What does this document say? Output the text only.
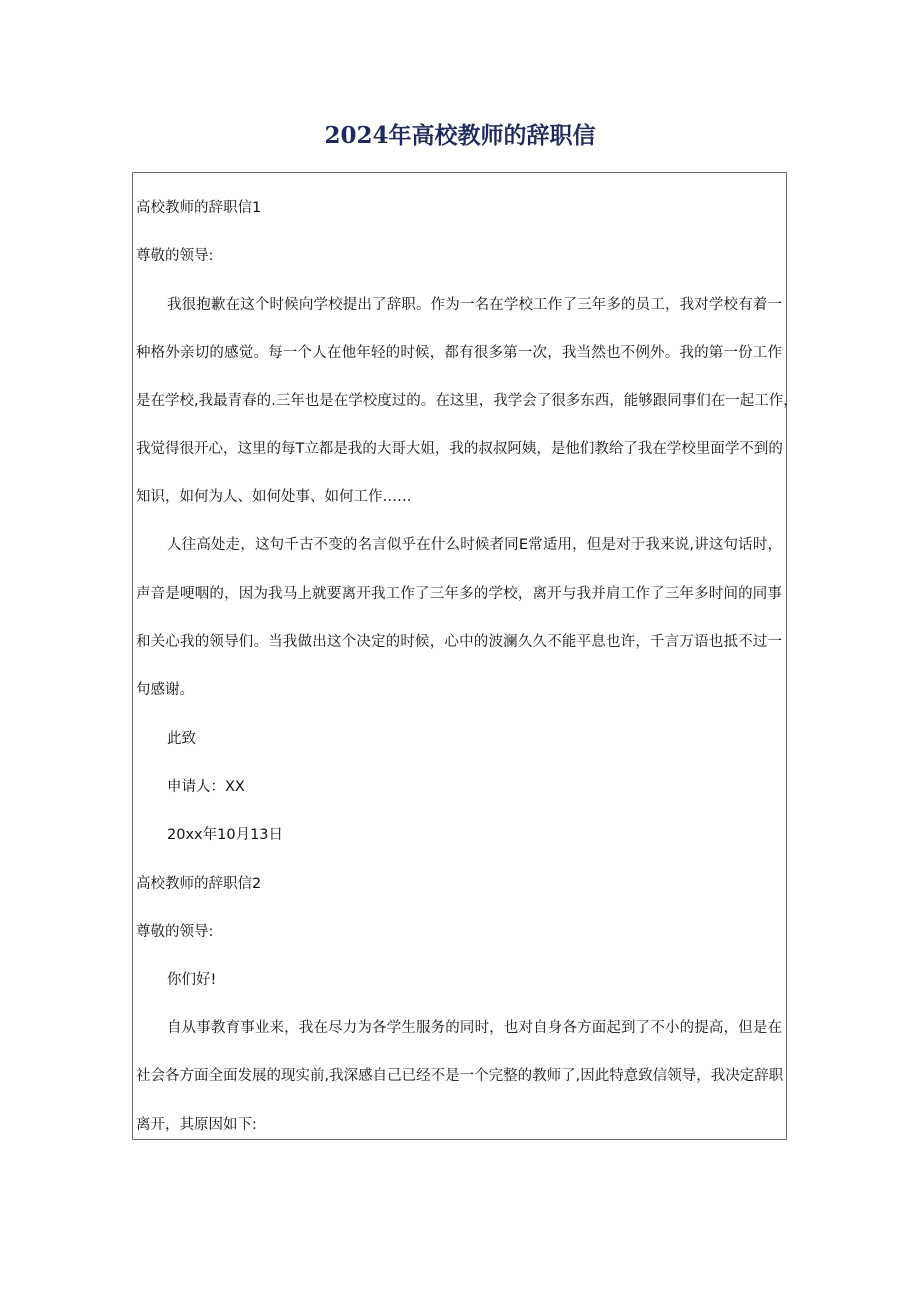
2024年高校教师的辞职信
高校教师的辞职信1
尊敬的领导:
我很抱歉在这个时候向学校提出了辞职。作为一名在学校工作了三年多的员工，我对学校有着一
种格外亲切的感觉。每一个人在他年轻的时候，都有很多第一次，我当然也不例外。我的第一份工作
是在学校,我最青春的.三年也是在学校度过的。在这里，我学会了很多东西，能够跟同事们在一起工作，
我觉得很开心，这里的每T立都是我的大哥大姐，我的叔叔阿姨，是他们教给了我在学校里面学不到的
知识，如何为人、如何处事、如何工作……
人往高处走，这句千古不变的名言似乎在什么时候者同E常适用，但是对于我来说,讲这句话时，
声音是哽咽的，因为我马上就要离开我工作了三年多的学校，离开与我并肩工作了三年多时间的同事
和关心我的领导们。当我做出这个决定的时候，心中的波澜久久不能平息也许，千言万语也抵不过一
句感谢。
此致
申请人：XX
20xx年10月13日
高校教师的辞职信2
尊敬的领导:
你们好!
自从事教育事业来，我在尽力为各学生服务的同时，也对自身各方面起到了不小的提高，但是在
社会各方面全面发展的现实前,我深感自己已经不是一个完整的教师了,因此特意致信领导，我决定辞职
离开，其原因如下:
